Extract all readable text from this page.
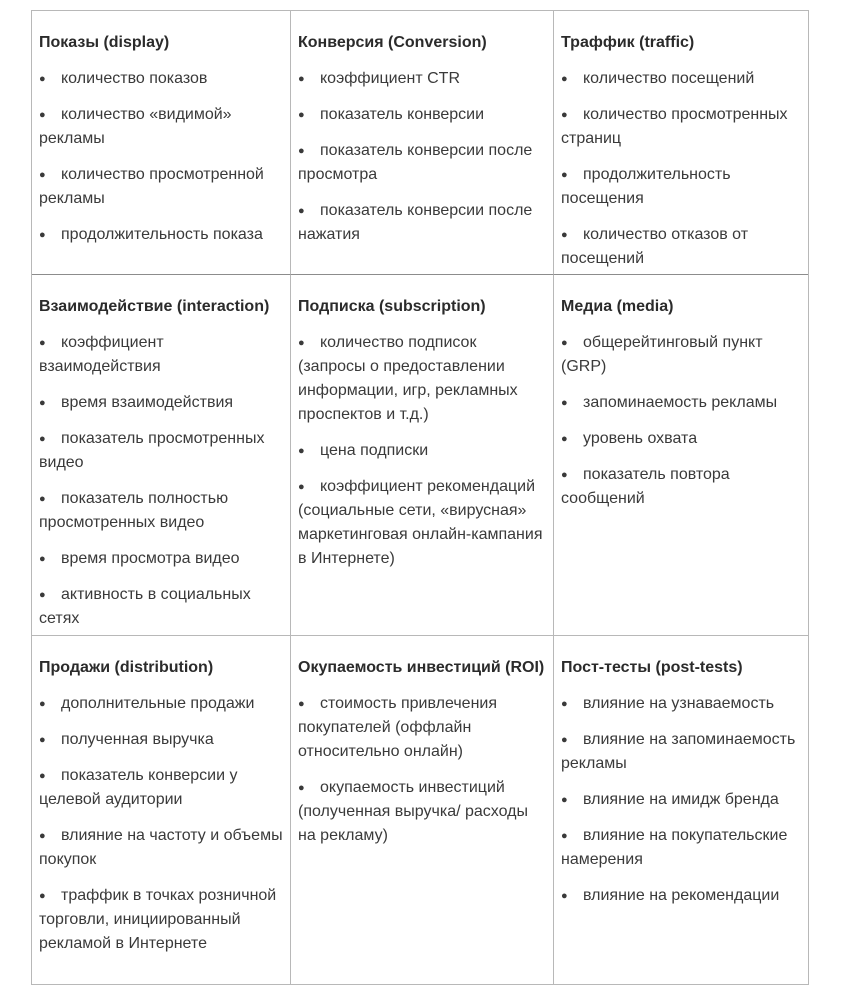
Показы (display)
● количество показов
● количество «видимой» рекламы
● количество просмотренной рекламы
● продолжительность показа
Конверсия (Conversion)
● коэффициент CTR
● показатель конверсии
● показатель конверсии после просмотра
● показатель конверсии после нажатия
Траффик (traffic)
● количество посещений
● количество просмотренных страниц
● продолжительность посещения
● количество отказов от посещений
Взаимодействие (interaction)
● коэффициент взаимодействия
● время взаимодействия
● показатель просмотренных видео
● показатель полностью просмотренных видео
● время просмотра видео
● активность в социальных сетях
Подписка (subscription)
● количество подписок (запросы о предоставлении информации, игр, рекламных проспектов и т.д.)
● цена подписки
● коэффициент рекомендаций (социальные сети, «вирусная» маркетинговая онлайн-кампания в Интернете)
Медиа (media)
● общерейтинговый пункт (GRP)
● запоминаемость рекламы
● уровень охвата
● показатель повтора сообщений
Продажи (distribution)
● дополнительные продажи
● полученная выручка
● показатель конверсии у целевой аудитории
● влияние на частоту и объемы покупок
● траффик в точках розничной торговли, инициированный рекламой в Интернете
Окупаемость инвестиций (ROI)
● стоимость привлечения покупателей (оффлайн относительно онлайн)
● окупаемость инвестиций (полученная выручка/ расходы на рекламу)
Пост-тесты (post-tests)
● влияние на узнаваемость
● влияние на запоминаемость рекламы
● влияние на имидж бренда
● влияние на покупательские намерения
● влияние на рекомендации
